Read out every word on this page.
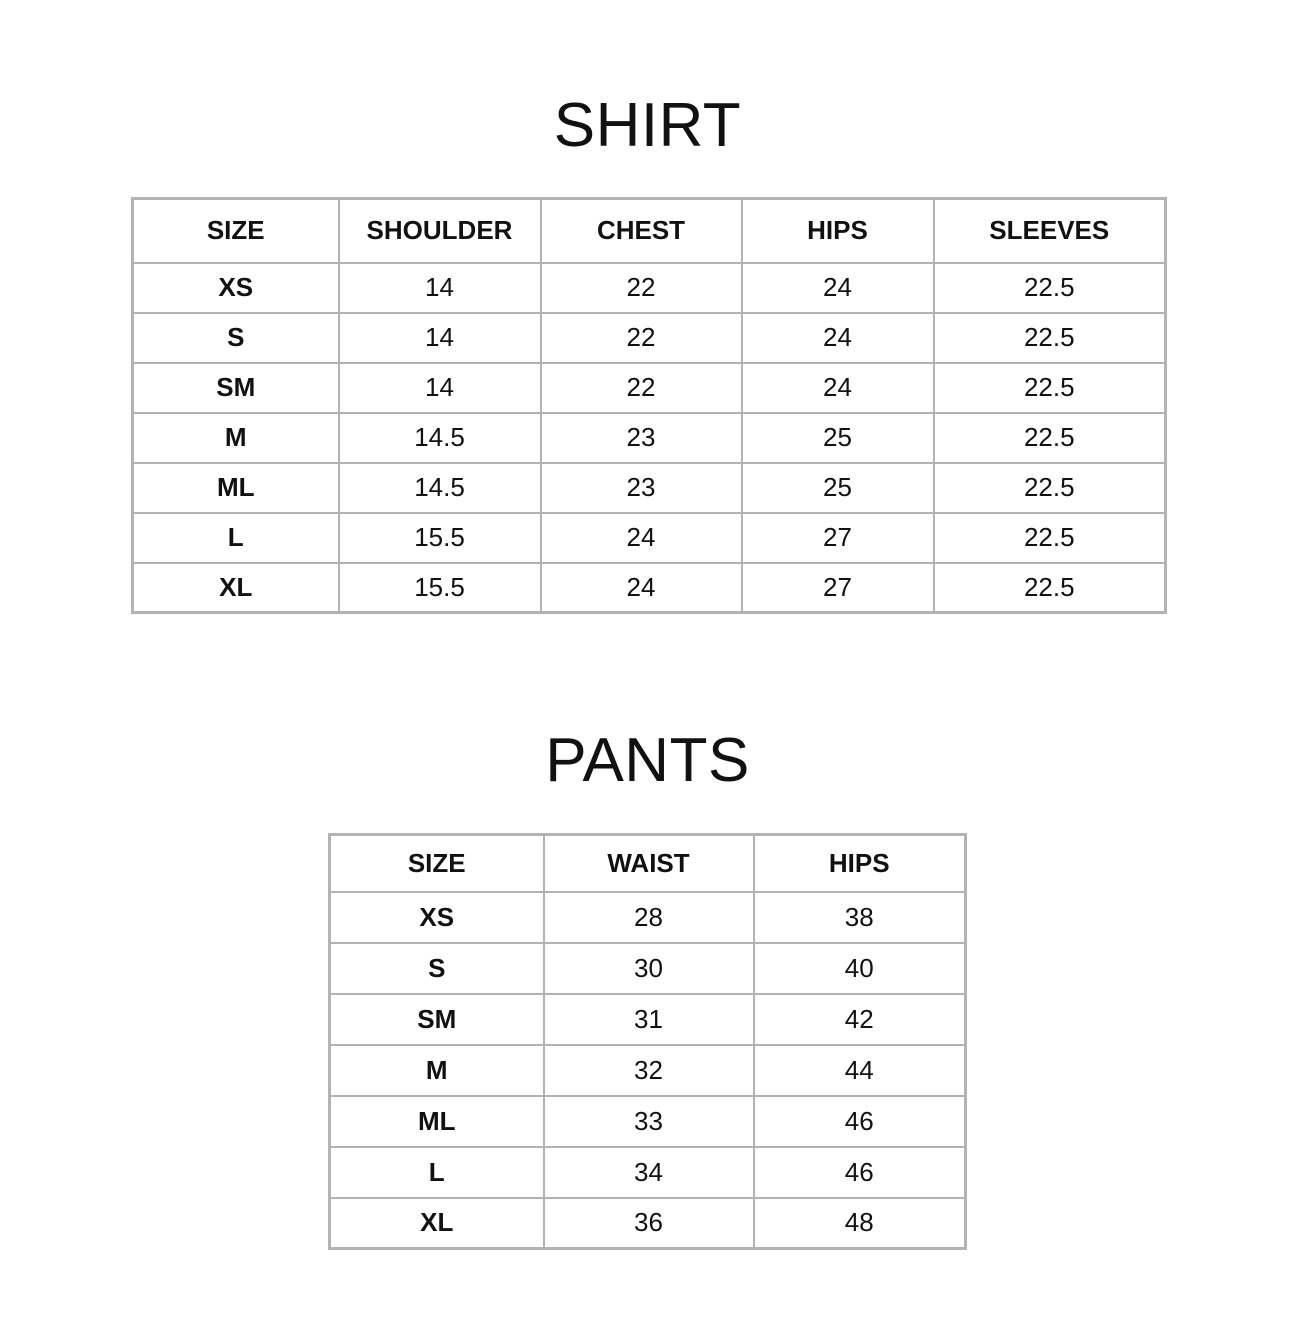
SHIRT
SIZE	SHOULDER	CHEST	HIPS	SLEEVES
XS	14	22	24	22.5
S	14	22	24	22.5
SM	14	22	24	22.5
M	14.5	23	25	22.5
ML	14.5	23	25	22.5
L	15.5	24	27	22.5
XL	15.5	24	27	22.5
PANTS
SIZE	WAIST	HIPS
XS	28	38
S	30	40
SM	31	42
M	32	44
ML	33	46
L	34	46
XL	36	48
